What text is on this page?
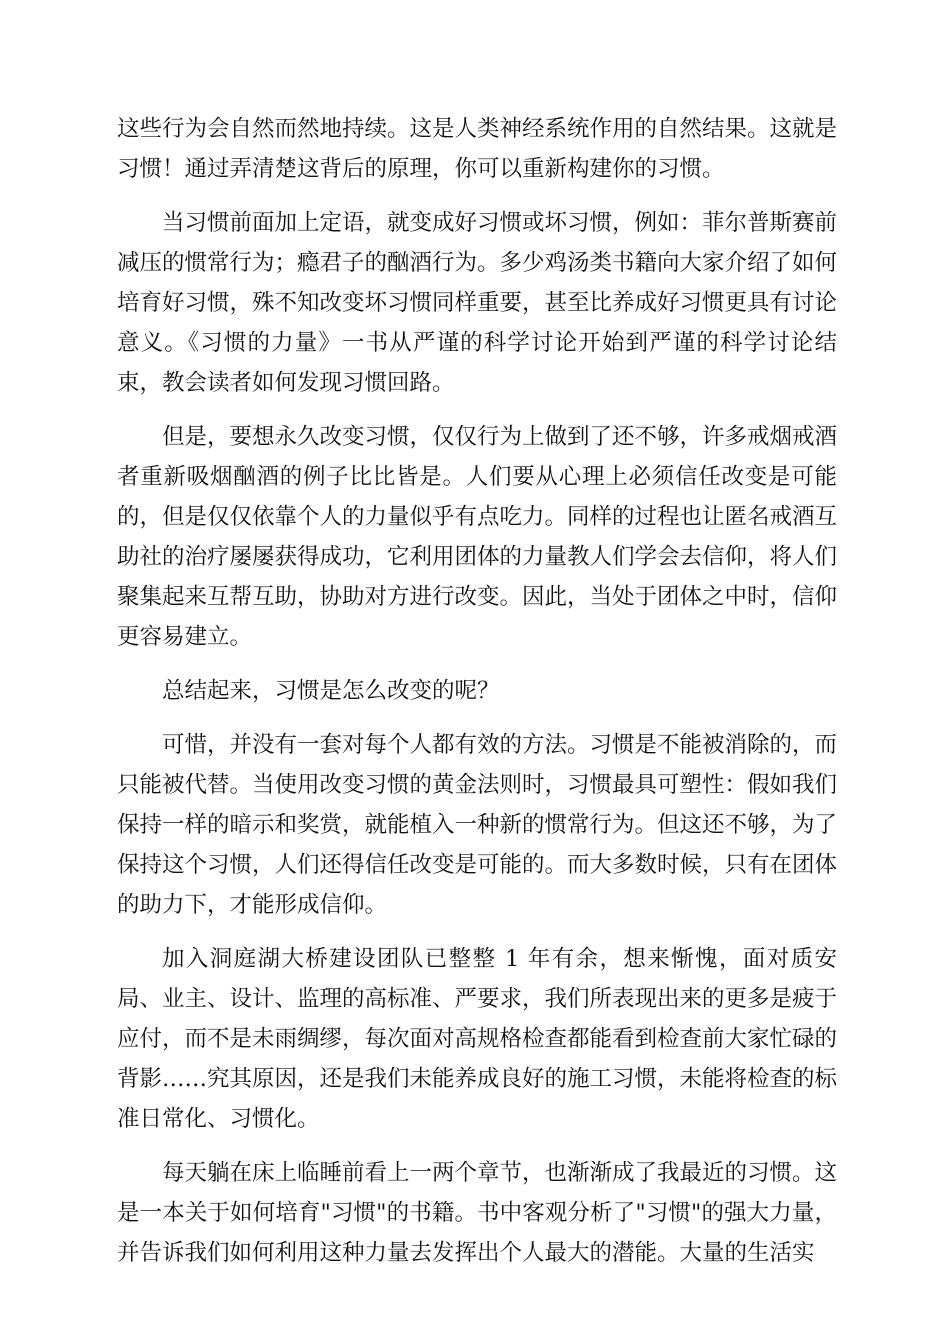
这些行为会自然而然地持续。这是人类神经系统作用的自然结果。这就是习惯！通过弄清楚这背后的原理，你可以重新构建你的习惯。

当习惯前面加上定语，就变成好习惯或坏习惯，例如：菲尔普斯赛前减压的惯常行为；瘾君子的酗酒行为。多少鸡汤类书籍向大家介绍了如何培育好习惯，殊不知改变坏习惯同样重要，甚至比养成好习惯更具有讨论意义。《习惯的力量》一书从严谨的科学讨论开始到严谨的科学讨论结束，教会读者如何发现习惯回路。

但是，要想永久改变习惯，仅仅行为上做到了还不够，许多戒烟戒酒者重新吸烟酗酒的例子比比皆是。人们要从心理上必须信任改变是可能的，但是仅仅依靠个人的力量似乎有点吃力。同样的过程也让匿名戒酒互助社的治疗屡屡获得成功，它利用团体的力量教人们学会去信仰，将人们聚集起来互帮互助，协助对方进行改变。因此，当处于团体之中时，信仰更容易建立。

总结起来，习惯是怎么改变的呢？

可惜，并没有一套对每个人都有效的方法。习惯是不能被消除的，而只能被代替。当使用改变习惯的黄金法则时，习惯最具可塑性：假如我们保持一样的暗示和奖赏，就能植入一种新的惯常行为。但这还不够，为了保持这个习惯，人们还得信任改变是可能的。而大多数时候，只有在团体的助力下，才能形成信仰。

加入洞庭湖大桥建设团队已整整 1 年有余，想来惭愧，面对质安局、业主、设计、监理的高标准、严要求，我们所表现出来的更多是疲于应付，而不是未雨绸缪，每次面对高规格检查都能看到检查前大家忙碌的背影……究其原因，还是我们未能养成良好的施工习惯，未能将检查的标准日常化、习惯化。

每天躺在床上临睡前看上一两个章节，也渐渐成了我最近的习惯。这是一本关于如何培育"习惯"的书籍。书中客观分析了"习惯"的强大力量，并告诉我们如何利用这种力量去发挥出个人最大的潜能。大量的生活实
